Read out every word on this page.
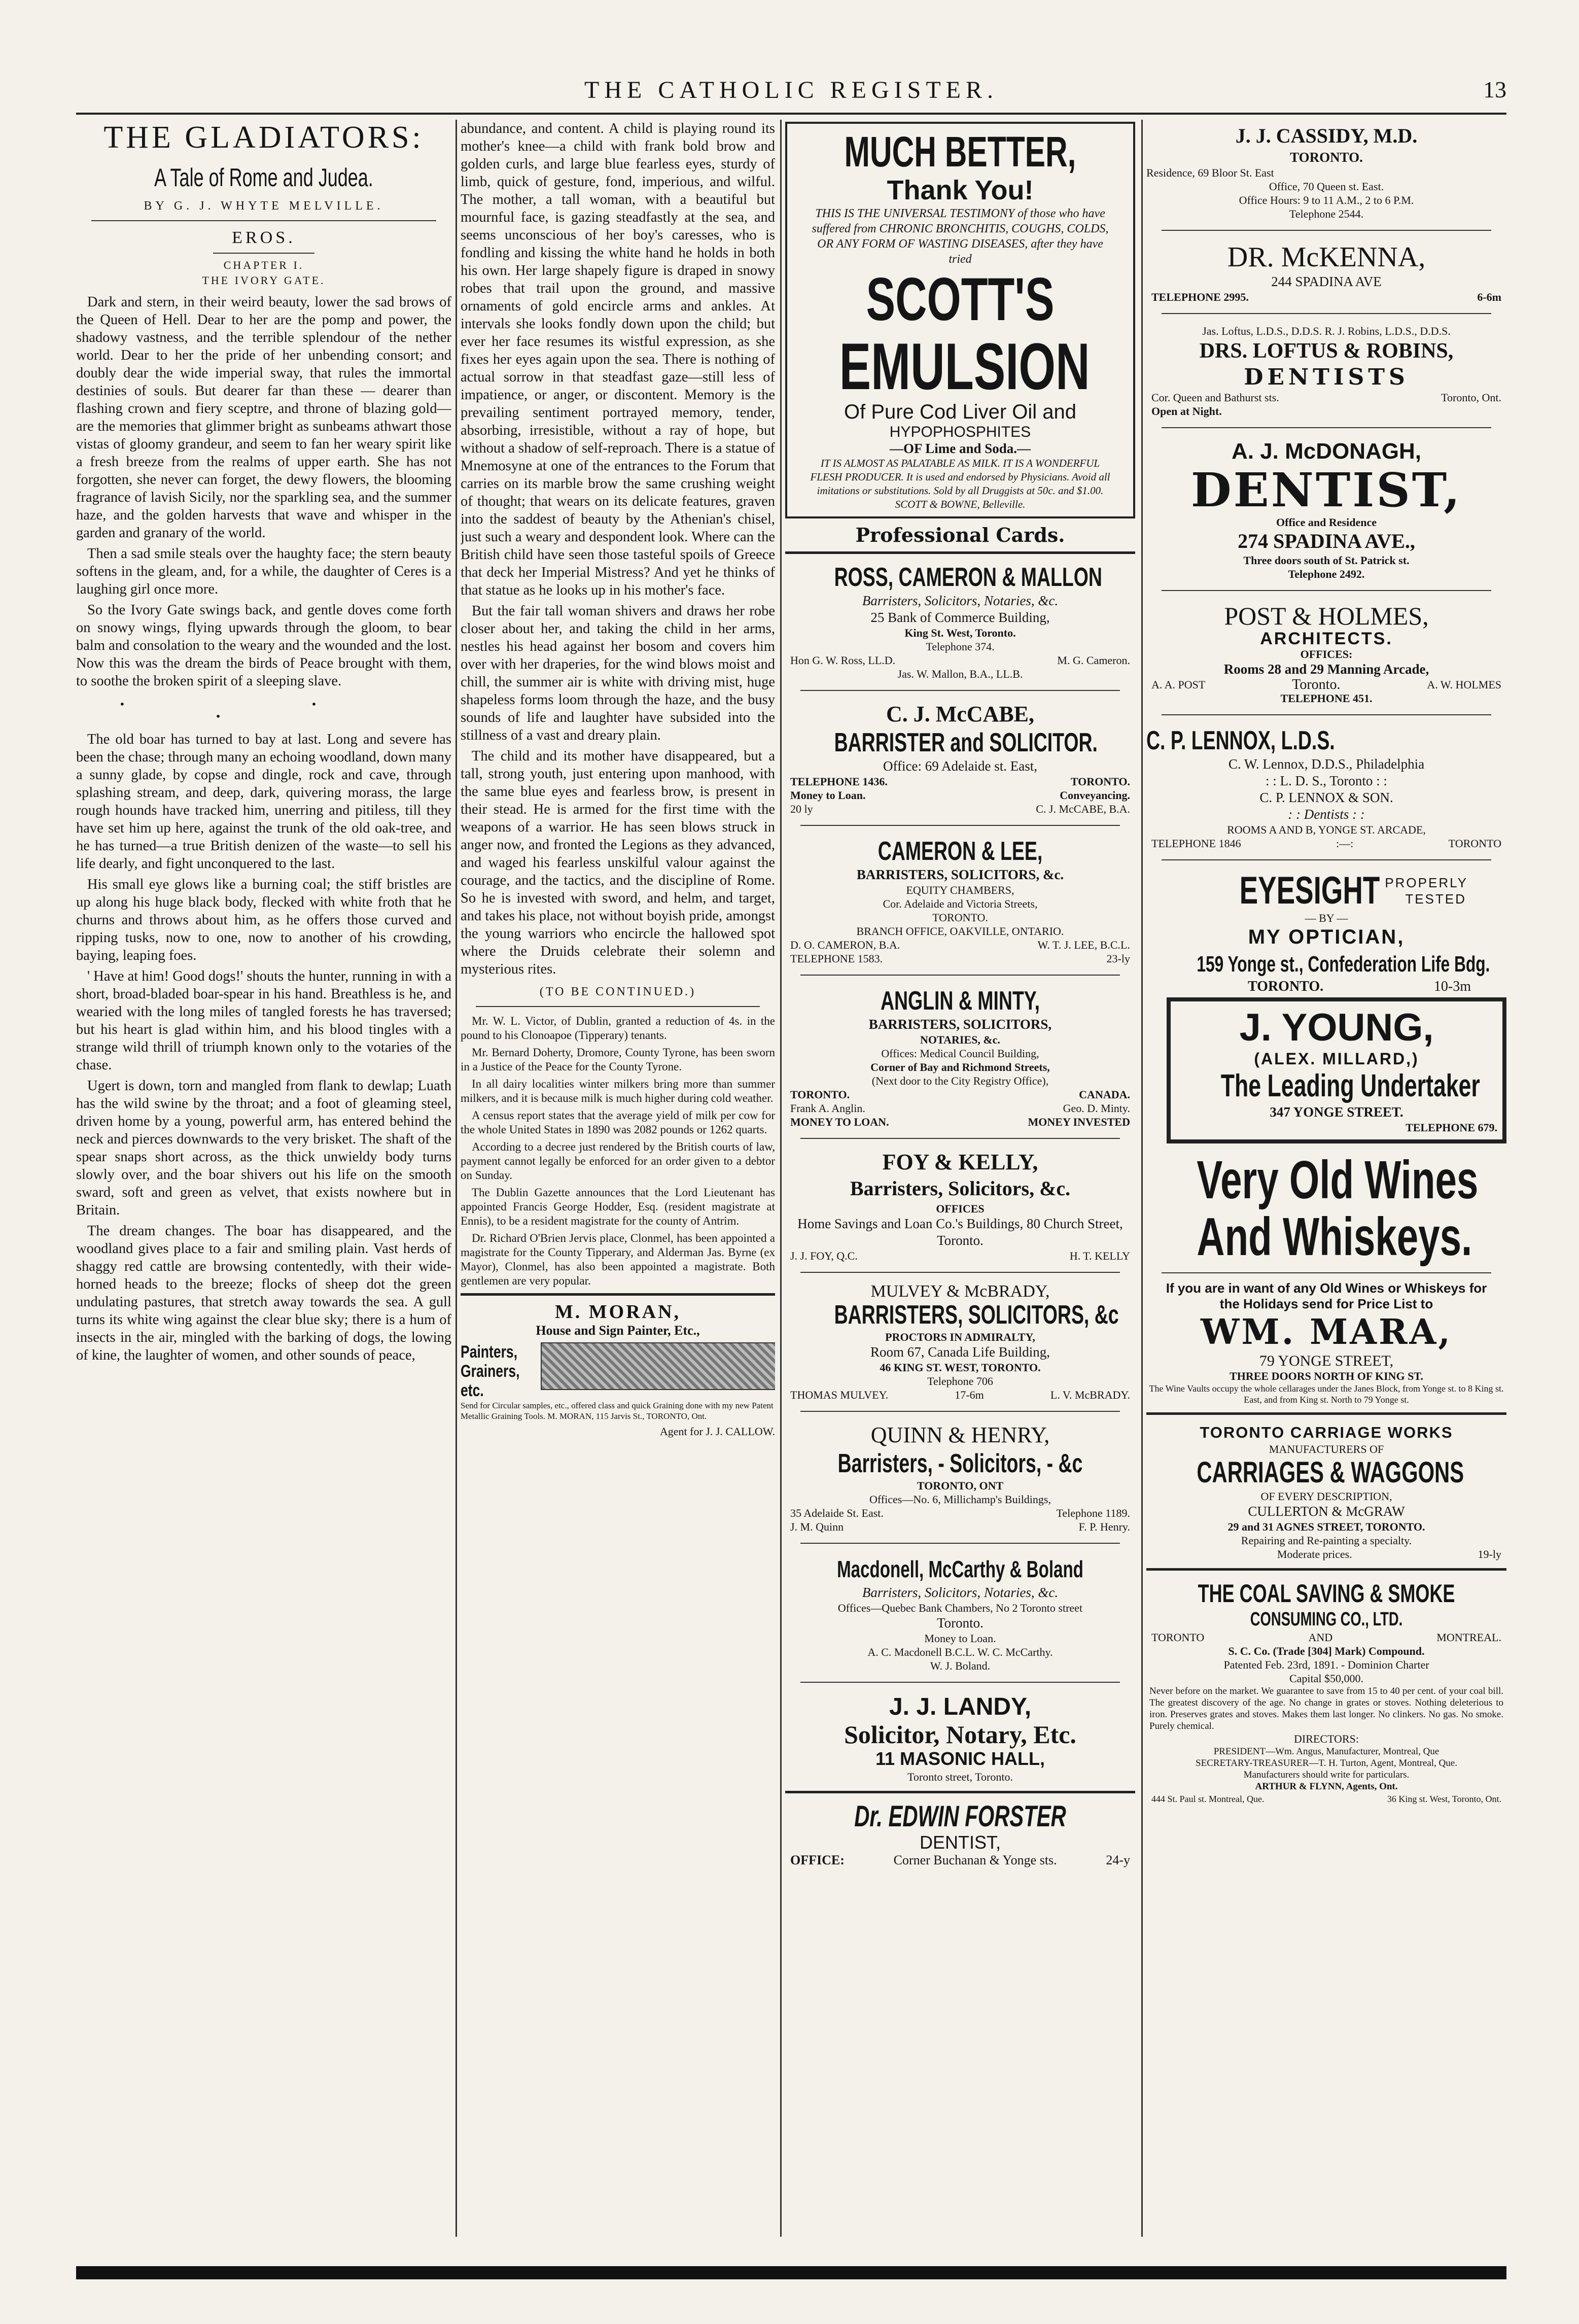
THE CATHOLIC REGISTER.	13
THE GLADIATORS:
A Tale of Rome and Judea.
BY G. J. WHYTE MELVILLE.
EROS.
CHAPTER I.
THE IVORY GATE.

Dark and stern, in their weird beauty, lower the sad brows of the Queen of Hell. Dear to her are the pomp and power, the shadowy vastness, and the terrible splendour of the nether world. Dear to her the pride of her unbending consort; and doubly dear the wide imperial sway, that rules the immortal destinies of souls. But dearer far than these — dearer than flashing crown and fiery sceptre, and throne of blazing gold—are the memories that glimmer bright as sunbeams athwart those vistas of gloomy grandeur, and seem to fan her weary spirit like a fresh breeze from the realms of upper earth. She has not forgotten, she never can forget, the dewy flowers, the blooming fragrance of lavish Sicily, nor the sparkling sea, and the summer haze, and the golden harvests that wave and whisper in the garden and granary of the world.

Then a sad smile steals over the haughty face; the stern beauty softens in the gleam, and, for a while, the daughter of Ceres is a laughing girl once more.

So the Ivory Gate swings back, and gentle doves come forth on snowy wings, flying upwards through the gloom, to bear balm and consolation to the weary and the wounded and the lost. Now this was the dream the birds of Peace brought with them, to soothe the broken spirit of a sleeping slave.

• • •

The old boar has turned to bay at last. Long and severe has been the chase; through many an echoing woodland, down many a sunny glade, by copse and dingle, rock and cave, through splashing stream, and deep, dark, quivering morass, the large rough hounds have tracked him, unerring and pitiless, till they have set him up here, against the trunk of the old oak-tree, and he has turned—a true British denizen of the waste—to sell his life dearly, and fight unconquered to the last.

His small eye glows like a burning coal; the stiff bristles are up along his huge black body, flecked with white froth that he churns and throws about him, as he offers those curved and ripping tusks, now to one, now to another of his crowding, baying, leaping foes.

' Have at him! Good dogs!' shouts the hunter, running in with a short, broad-bladed boar-spear in his hand. Breathless is he, and wearied with the long miles of tangled forests he has traversed; but his heart is glad within him, and his blood tingles with a strange wild thrill of triumph known only to the votaries of the chase.

Ugert is down, torn and mangled from flank to dewlap; Luath has the wild swine by the throat; and a foot of gleaming steel, driven home by a young, powerful arm, has entered behind the neck and pierces downwards to the very brisket. The shaft of the spear snaps short across, as the thick unwieldy body turns slowly over, and the boar shivers out his life on the smooth sward, soft and green as velvet, that exists nowhere but in Britain.

The dream changes. The boar has disappeared, and the woodland gives place to a fair and smiling plain. Vast herds of shaggy red cattle are browsing contentedly, with their wide-horned heads to the breeze; flocks of sheep dot the green undulating pastures, that stretch away towards the sea. A gull turns its white wing against the clear blue sky; there is a hum of insects in the air, mingled with the barking of dogs, the lowing of kine, the laughter of women, and other sounds of peace,

abundance, and content. A child is playing round its mother's knee—a child with frank bold brow and golden curls, and large blue fearless eyes, sturdy of limb, quick of gesture, fond, imperious, and wilful. The mother, a tall woman, with a beautiful but mournful face, is gazing steadfastly at the sea, and seems unconscious of her boy's caresses, who is fondling and kissing the white hand he holds in both his own. Her large shapely figure is draped in snowy robes that trail upon the ground, and massive ornaments of gold encircle arms and ankles. At intervals she looks fondly down upon the child; but ever her face resumes its wistful expression, as she fixes her eyes again upon the sea. There is nothing of actual sorrow in that steadfast gaze—still less of impatience, or anger, or discontent. Memory is the prevailing sentiment portrayed memory, tender, absorbing, irresistible, without a ray of hope, but without a shadow of self-reproach. There is a statue of Mnemosyne at one of the entrances to the Forum that carries on its marble brow the same crushing weight of thought; that wears on its delicate features, graven into the saddest of beauty by the Athenian's chisel, just such a weary and despondent look. Where can the British child have seen those tasteful spoils of Greece that deck her Imperial Mistress? And yet he thinks of that statue as he looks up in his mother's face.

But the fair tall woman shivers and draws her robe closer about her, and taking the child in her arms, nestles his head against her bosom and covers him over with her draperies, for the wind blows moist and chill, the summer air is white with driving mist, huge shapeless forms loom through the haze, and the busy sounds of life and laughter have subsided into the stillness of a vast and dreary plain.

The child and its mother have disappeared, but a tall, strong youth, just entering upon manhood, with the same blue eyes and fearless brow, is present in their stead. He is armed for the first time with the weapons of a warrior. He has seen blows struck in anger now, and fronted the Legions as they advanced, and waged his fearless unskilful valour against the courage, and the tactics, and the discipline of Rome. So he is invested with sword, and helm, and target, and takes his place, not without boyish pride, amongst the young warriors who encircle the hallowed spot where the Druids celebrate their solemn and mysterious rites.

(TO BE CONTINUED.)

Mr. W. L. Victor, of Dublin, granted a reduction of 4s. in the pound to his Clonoapoe (Tipperary) tenants.

Mr. Bernard Doherty, Dromore, County Tyrone, has been sworn in a Justice of the Peace for the County Tyrone.

In all dairy localities winter milkers bring more than summer milkers, and it is because milk is much higher during cold weather.

A census report states that the average yield of milk per cow for the whole United States in 1890 was 2082 pounds or 1262 quarts.

According to a decree just rendered by the British courts of law, payment cannot legally be enforced for an order given to a debtor on Sunday.

The Dublin Gazette announces that the Lord Lieutenant has appointed Francis George Hodder, Esq. (resident magistrate at Ennis), to be a resident magistrate for the county of Antrim.

Dr. Richard O'Brien Jervis place, Clonmel, has been appointed a magistrate for the County Tipperary, and Alderman Jas. Byrne (ex Mayor), Clonmel, has also been appointed a magistrate. Both gentlemen are very popular.

M. MORAN,
House and Sign Painter, Etc.,
Painters, Grainers, etc.
Send for Circular samples, etc., offered class and quick Graining done with my new Patent Metallic Graining Tools. M. MORAN, 115 Jarvis St., TORONTO, Ont.
Agent for J. J. CALLOW.
MUCH BETTER,
Thank You!
THIS IS THE UNIVERSAL TESTIMONY of those who have suffered from CHRONIC BRONCHITIS, COUGHS, COLDS, OR ANY FORM OF WASTING DISEASES, after they have tried
SCOTT'S
EMULSION
Of Pure Cod Liver Oil and
HYPOPHOSPHITES
—OF Lime and Soda.—
IT IS ALMOST AS PALATABLE AS MILK. IT IS A WONDERFUL FLESH PRODUCER. It is used and endorsed by Physicians. Avoid all imitations or substitutions. Sold by all Druggists at 50c. and $1.00. SCOTT & BOWNE, Belleville.
Professional Cards.
ROSS, CAMERON & MALLON
Barristers, Solicitors, Notaries, &c.
25 Bank of Commerce Building,
King St. West, Toronto.
Telephone 374.
Hon G. W. Ross, LL.D.	M. G. Cameron.
Jas. W. Mallon, B.A., LL.B.
C. J. McCABE,
BARRISTER and SOLICITOR.
Office: 69 Adelaide st. East,
TELEPHONE 1436.	TORONTO.
Money to Loan.	Conveyancing.
20 ly	C. J. McCABE, B.A.
CAMERON & LEE,
BARRISTERS, SOLICITORS, &c.
EQUITY CHAMBERS,
Cor. Adelaide and Victoria Streets,
TORONTO.
BRANCH OFFICE, OAKVILLE, ONTARIO.
D. O. CAMERON, B.A.	W. T. J. LEE, B.C.L.
TELEPHONE 1583.	23-ly
ANGLIN & MINTY,
BARRISTERS, SOLICITORS,
NOTARIES, &c.
Offices: Medical Council Building,
Corner of Bay and Richmond Streets,
(Next door to the City Registry Office),
TORONTO.	CANADA.
Frank A. Anglin.	Geo. D. Minty.
MONEY TO LOAN.	MONEY INVESTED
FOY & KELLY,
Barristers, Solicitors, &c.
OFFICES
Home Savings and Loan Co.'s Buildings, 80 Church Street, Toronto.
J. J. FOY, Q.C.	H. T. KELLY
MULVEY & McBRADY,
BARRISTERS, SOLICITORS, &c
PROCTORS IN ADMIRALTY,
Room 67, Canada Life Building,
46 KING ST. WEST, TORONTO.
Telephone 706
THOMAS MULVEY.	17-6m	L. V. McBRADY.
QUINN & HENRY,
Barristers, - Solicitors, - &c
TORONTO, ONT
Offices—No. 6, Millichamp's Buildings,
35 Adelaide St. East.	Telephone 1189.
J. M. Quinn	F. P. Henry.
Macdonell, McCarthy & Boland
Barristers, Solicitors, Notaries, &c.
Offices—Quebec Bank Chambers, No 2 Toronto street
Toronto.
Money to Loan.
A. C. Macdonell B.C.L. W. C. McCarthy.
W. J. Boland.
J. J. LANDY,
Solicitor, Notary, Etc.
11 MASONIC HALL,
Toronto street, Toronto.
Dr. EDWIN FORSTER
DENTIST,
OFFICE:	Corner Buchanan & Yonge sts.	24-y
J. J. CASSIDY, M.D.
TORONTO.
Residence, 69 Bloor St. East
Office, 70 Queen st. East.
Office Hours: 9 to 11 A.M., 2 to 6 P.M.
Telephone 2544.
DR. McKENNA,
244 SPADINA AVE
TELEPHONE 2995.	6-6m
Jas. Loftus, L.D.S., D.D.S. R. J. Robins, L.D.S., D.D.S.
DRS. LOFTUS & ROBINS,
DENTISTS
Cor. Queen and Bathurst sts.	Toronto, Ont.
Open at Night.
A. J. McDONAGH,
DENTIST,
Office and Residence
274 SPADINA AVE.,
Three doors south of St. Patrick st.
Telephone 2492.
POST & HOLMES,
ARCHITECTS.
OFFICES:
Rooms 28 and 29 Manning Arcade,
A. A. POST	Toronto.	A. W. HOLMES
TELEPHONE 451.
C. P. LENNOX, L.D.S.
C. W. Lennox, D.D.S., Philadelphia
: : L. D. S., Toronto : :
C. P. LENNOX & SON.
: : Dentists : :
ROOMS A AND B, YONGE ST. ARCADE,
TELEPHONE 1846	:—:	TORONTO
EYESIGHT PROPERLY
TESTED
— BY —
MY OPTICIAN,
159 Yonge st., Confederation Life Bdg.
TORONTO.	10-3m
J. YOUNG,
(ALEX. MILLARD,)
The Leading Undertaker
347 YONGE STREET.
TELEPHONE 679.
Very Old Wines
And Whiskeys.
If you are in want of any Old Wines or Whiskeys for the Holidays send for Price List to
WM. MARA,
79 YONGE STREET,
THREE DOORS NORTH OF KING ST.
The Wine Vaults occupy the whole cellarages under the Janes Block, from Yonge st. to 8 King st. East, and from King st. North to 79 Yonge st.
TORONTO CARRIAGE WORKS
MANUFACTURERS OF
CARRIAGES & WAGGONS
OF EVERY DESCRIPTION,
CULLERTON & McGRAW
29 and 31 AGNES STREET, TORONTO.
Repairing and Re-painting a specialty.
Moderate prices.	19-ly
THE COAL SAVING & SMOKE
CONSUMING CO., LTD.
TORONTO	AND	MONTREAL.
S. C. Co. (Trade [304] Mark) Compound.
Patented Feb. 23rd, 1891. - Dominion Charter
Capital $50,000.
Never before on the market. We guarantee to save from 15 to 40 per cent. of your coal bill. The greatest discovery of the age. No change in grates or stoves. Nothing deleterious to iron. Preserves grates and stoves. Makes them last longer. No clinkers. No gas. No smoke. Purely chemical.
DIRECTORS:
PRESIDENT—Wm. Angus, Manufacturer, Montreal, Que
SECRETARY-TREASURER—T. H. Turton, Agent, Montreal, Que.
Manufacturers should write for particulars.
ARTHUR & FLYNN, Agents, Ont.
444 St. Paul st. Montreal, Que.	36 King st. West, Toronto, Ont.
